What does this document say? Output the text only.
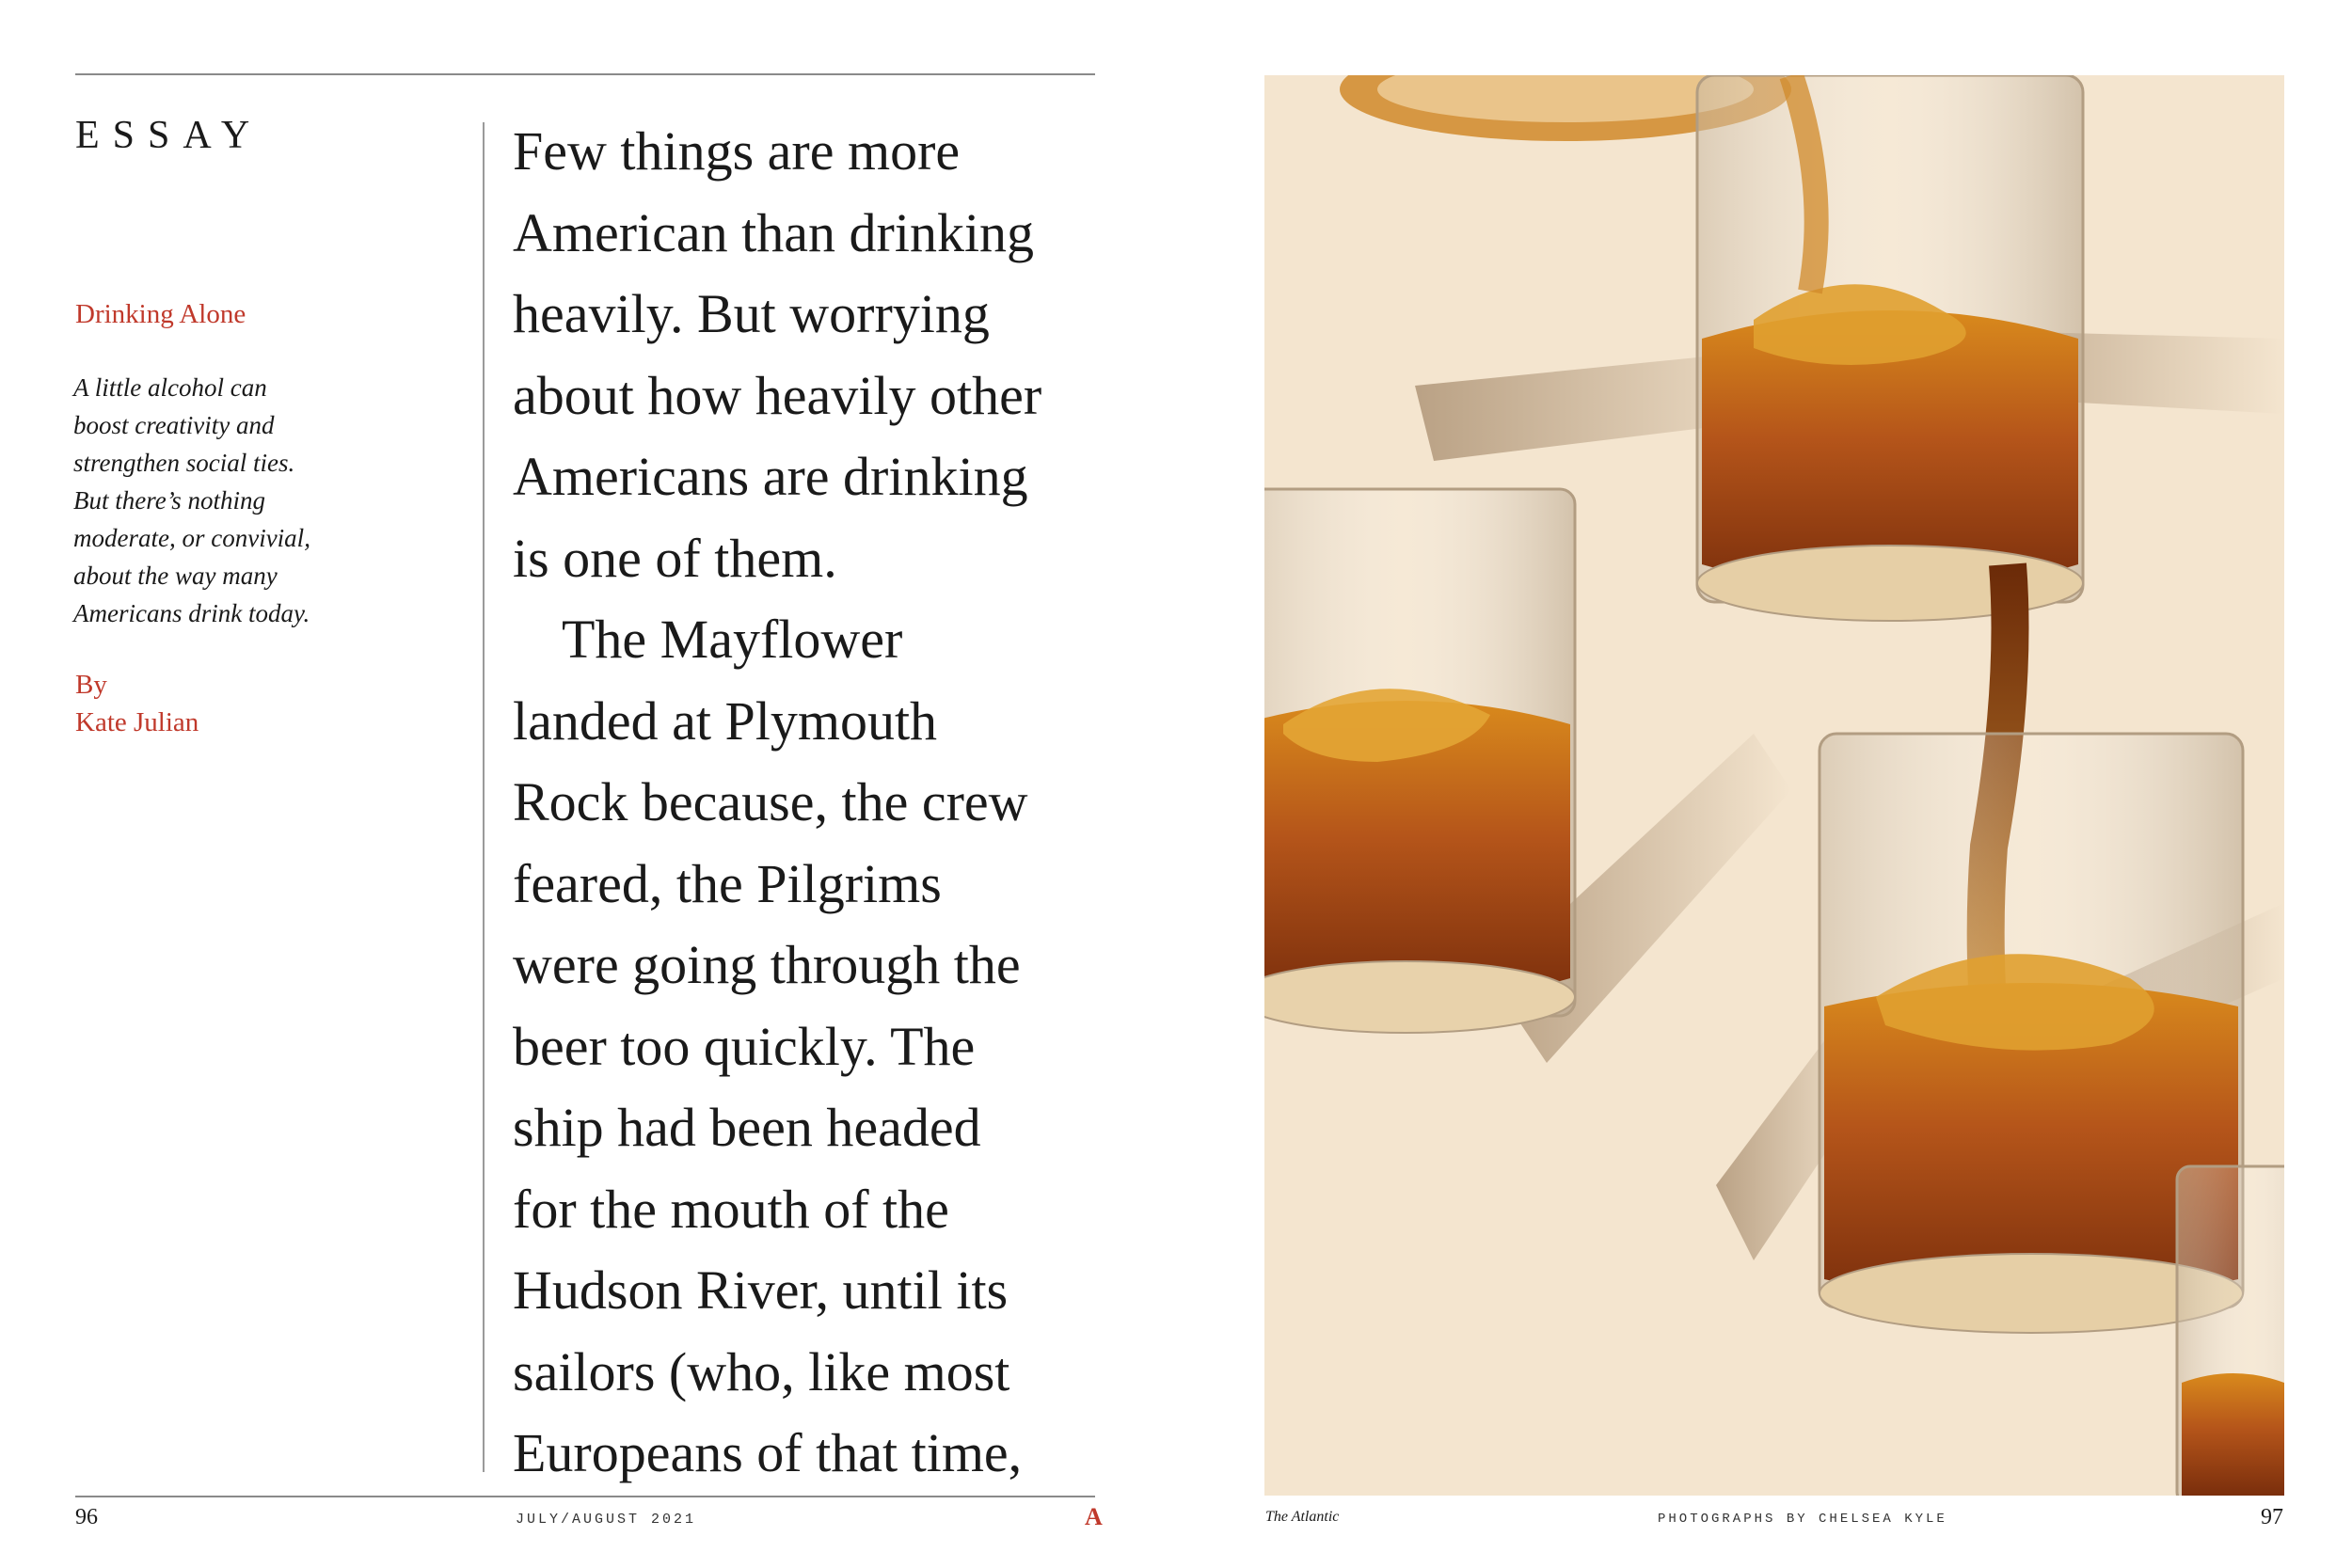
ESSAY
Drinking Alone
A little alcohol can
boost creativity and
strengthen social ties.
But there’s nothing
moderate, or convivial,
about the way many
Americans drink today.
By
Kate Julian
Few things are more
American than drinking
heavily. But worrying
about how heavily other
Americans are drinking
is one of them.
The Mayflower
landed at Plymouth
Rock because, the crew
feared, the Pilgrims
were going through the
beer too quickly. The
ship had been headed
for the mouth of the
Hudson River, until its
sailors (who, like most
Europeans of that time,
96	JULY/AUGUST 2021	A	The Atlantic	PHOTOGRAPHS BY CHELSEA KYLE	97
